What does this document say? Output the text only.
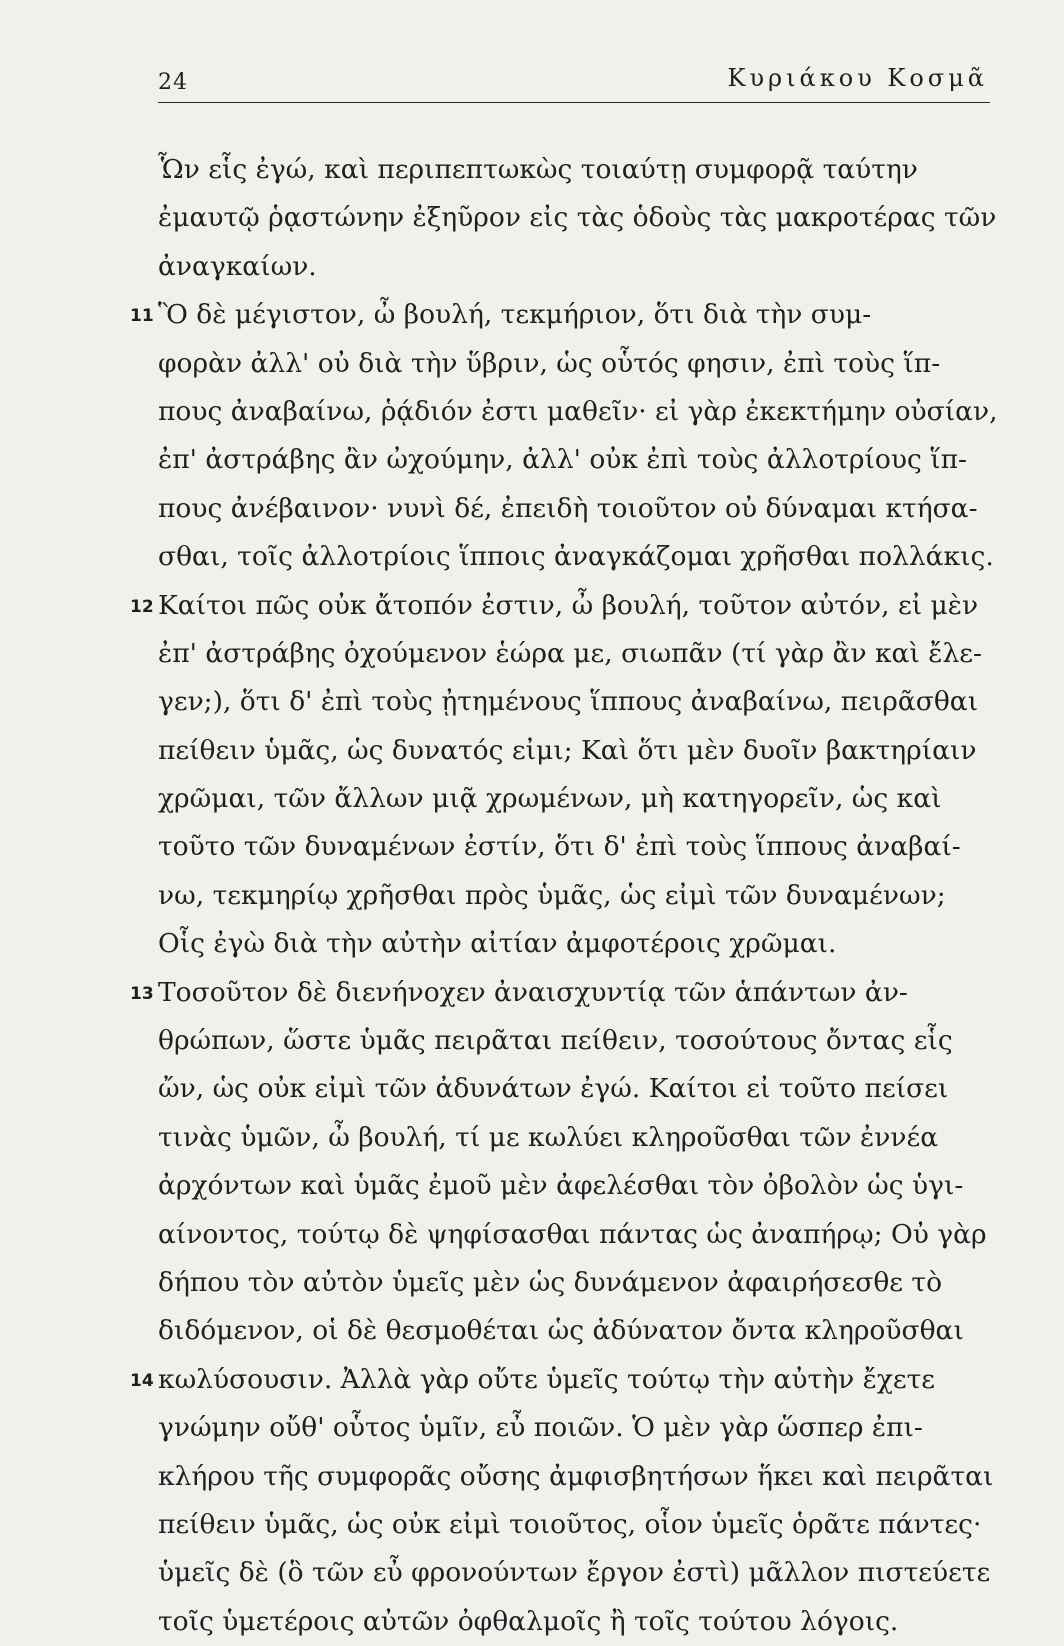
24	Κυριάκου Κοσμᾶ
Ὧν εἷς ἐγώ, καὶ περιπεπτωκὼς τοιαύτῃ συμφορᾷ ταύτην
ἐμαυτῷ ῥᾳστώνην ἐξηῦρον εἰς τὰς ὁδοὺς τὰς μακροτέρας τῶν
ἀναγκαίων.
11 Ὃ δὲ μέγιστον, ὦ βουλή, τεκμήριον, ὅτι διὰ τὴν συμ-
φορὰν ἀλλ' οὐ διὰ τὴν ὕβριν, ὡς οὗτός φησιν, ἐπὶ τοὺς ἵπ-
πους ἀναβαίνω, ῥᾴδιόν ἐστι μαθεῖν· εἰ γὰρ ἐκεκτήμην οὐσίαν,
ἐπ' ἀστράβης ἂν ὠχούμην, ἀλλ' οὐκ ἐπὶ τοὺς ἀλλοτρίους ἵπ-
πους ἀνέβαινον· νυνὶ δέ, ἐπειδὴ τοιοῦτον οὐ δύναμαι κτήσα-
σθαι, τοῖς ἀλλοτρίοις ἵπποις ἀναγκάζομαι χρῆσθαι πολλάκις.
12 Καίτοι πῶς οὐκ ἄτοπόν ἐστιν, ὦ βουλή, τοῦτον αὐτόν, εἰ μὲν
ἐπ' ἀστράβης ὀχούμενον ἑώρα με, σιωπᾶν (τί γὰρ ἂν καὶ ἔλε-
γεν;), ὅτι δ' ἐπὶ τοὺς ᾐτημένους ἵππους ἀναβαίνω, πειρᾶσθαι
πείθειν ὑμᾶς, ὡς δυνατός εἰμι; Καὶ ὅτι μὲν δυοῖν βακτηρίαιν
χρῶμαι, τῶν ἄλλων μιᾷ χρωμένων, μὴ κατηγορεῖν, ὡς καὶ
τοῦτο τῶν δυναμένων ἐστίν, ὅτι δ' ἐπὶ τοὺς ἵππους ἀναβαί-
νω, τεκμηρίῳ χρῆσθαι πρὸς ὑμᾶς, ὡς εἰμὶ τῶν δυναμένων;
Οἷς ἐγὼ διὰ τὴν αὐτὴν αἰτίαν ἀμφοτέροις χρῶμαι.
13 Τοσοῦτον δὲ διενήνοχεν ἀναισχυντίᾳ τῶν ἁπάντων ἀν-
θρώπων, ὥστε ὑμᾶς πειρᾶται πείθειν, τοσούτους ὄντας εἷς
ὤν, ὡς οὐκ εἰμὶ τῶν ἀδυνάτων ἐγώ. Καίτοι εἰ τοῦτο πείσει
τινὰς ὑμῶν, ὦ βουλή, τί με κωλύει κληροῦσθαι τῶν ἐννέα
ἀρχόντων καὶ ὑμᾶς ἐμοῦ μὲν ἀφελέσθαι τὸν ὀβολὸν ὡς ὑγι-
αίνοντος, τούτῳ δὲ ψηφίσασθαι πάντας ὡς ἀναπήρῳ; Οὐ γὰρ
δήπου τὸν αὐτὸν ὑμεῖς μὲν ὡς δυνάμενον ἀφαιρήσεσθε τὸ
διδόμενον, οἱ δὲ θεσμοθέται ὡς ἀδύνατον ὄντα κληροῦσθαι
14 κωλύσουσιν. Ἀλλὰ γὰρ οὔτε ὑμεῖς τούτῳ τὴν αὐτὴν ἔχετε
γνώμην οὔθ' οὗτος ὑμῖν, εὖ ποιῶν. Ὁ μὲν γὰρ ὥσπερ ἐπι-
κλήρου τῆς συμφορᾶς οὔσης ἀμφισβητήσων ἥκει καὶ πειρᾶται
πείθειν ὑμᾶς, ὡς οὐκ εἰμὶ τοιοῦτος, οἷον ὑμεῖς ὁρᾶτε πάντες·
ὑμεῖς δὲ (ὃ τῶν εὖ φρονούντων ἔργον ἐστὶ) μᾶλλον πιστεύετε
τοῖς ὑμετέροις αὐτῶν ὀφθαλμοῖς ἢ τοῖς τούτου λόγοις.
